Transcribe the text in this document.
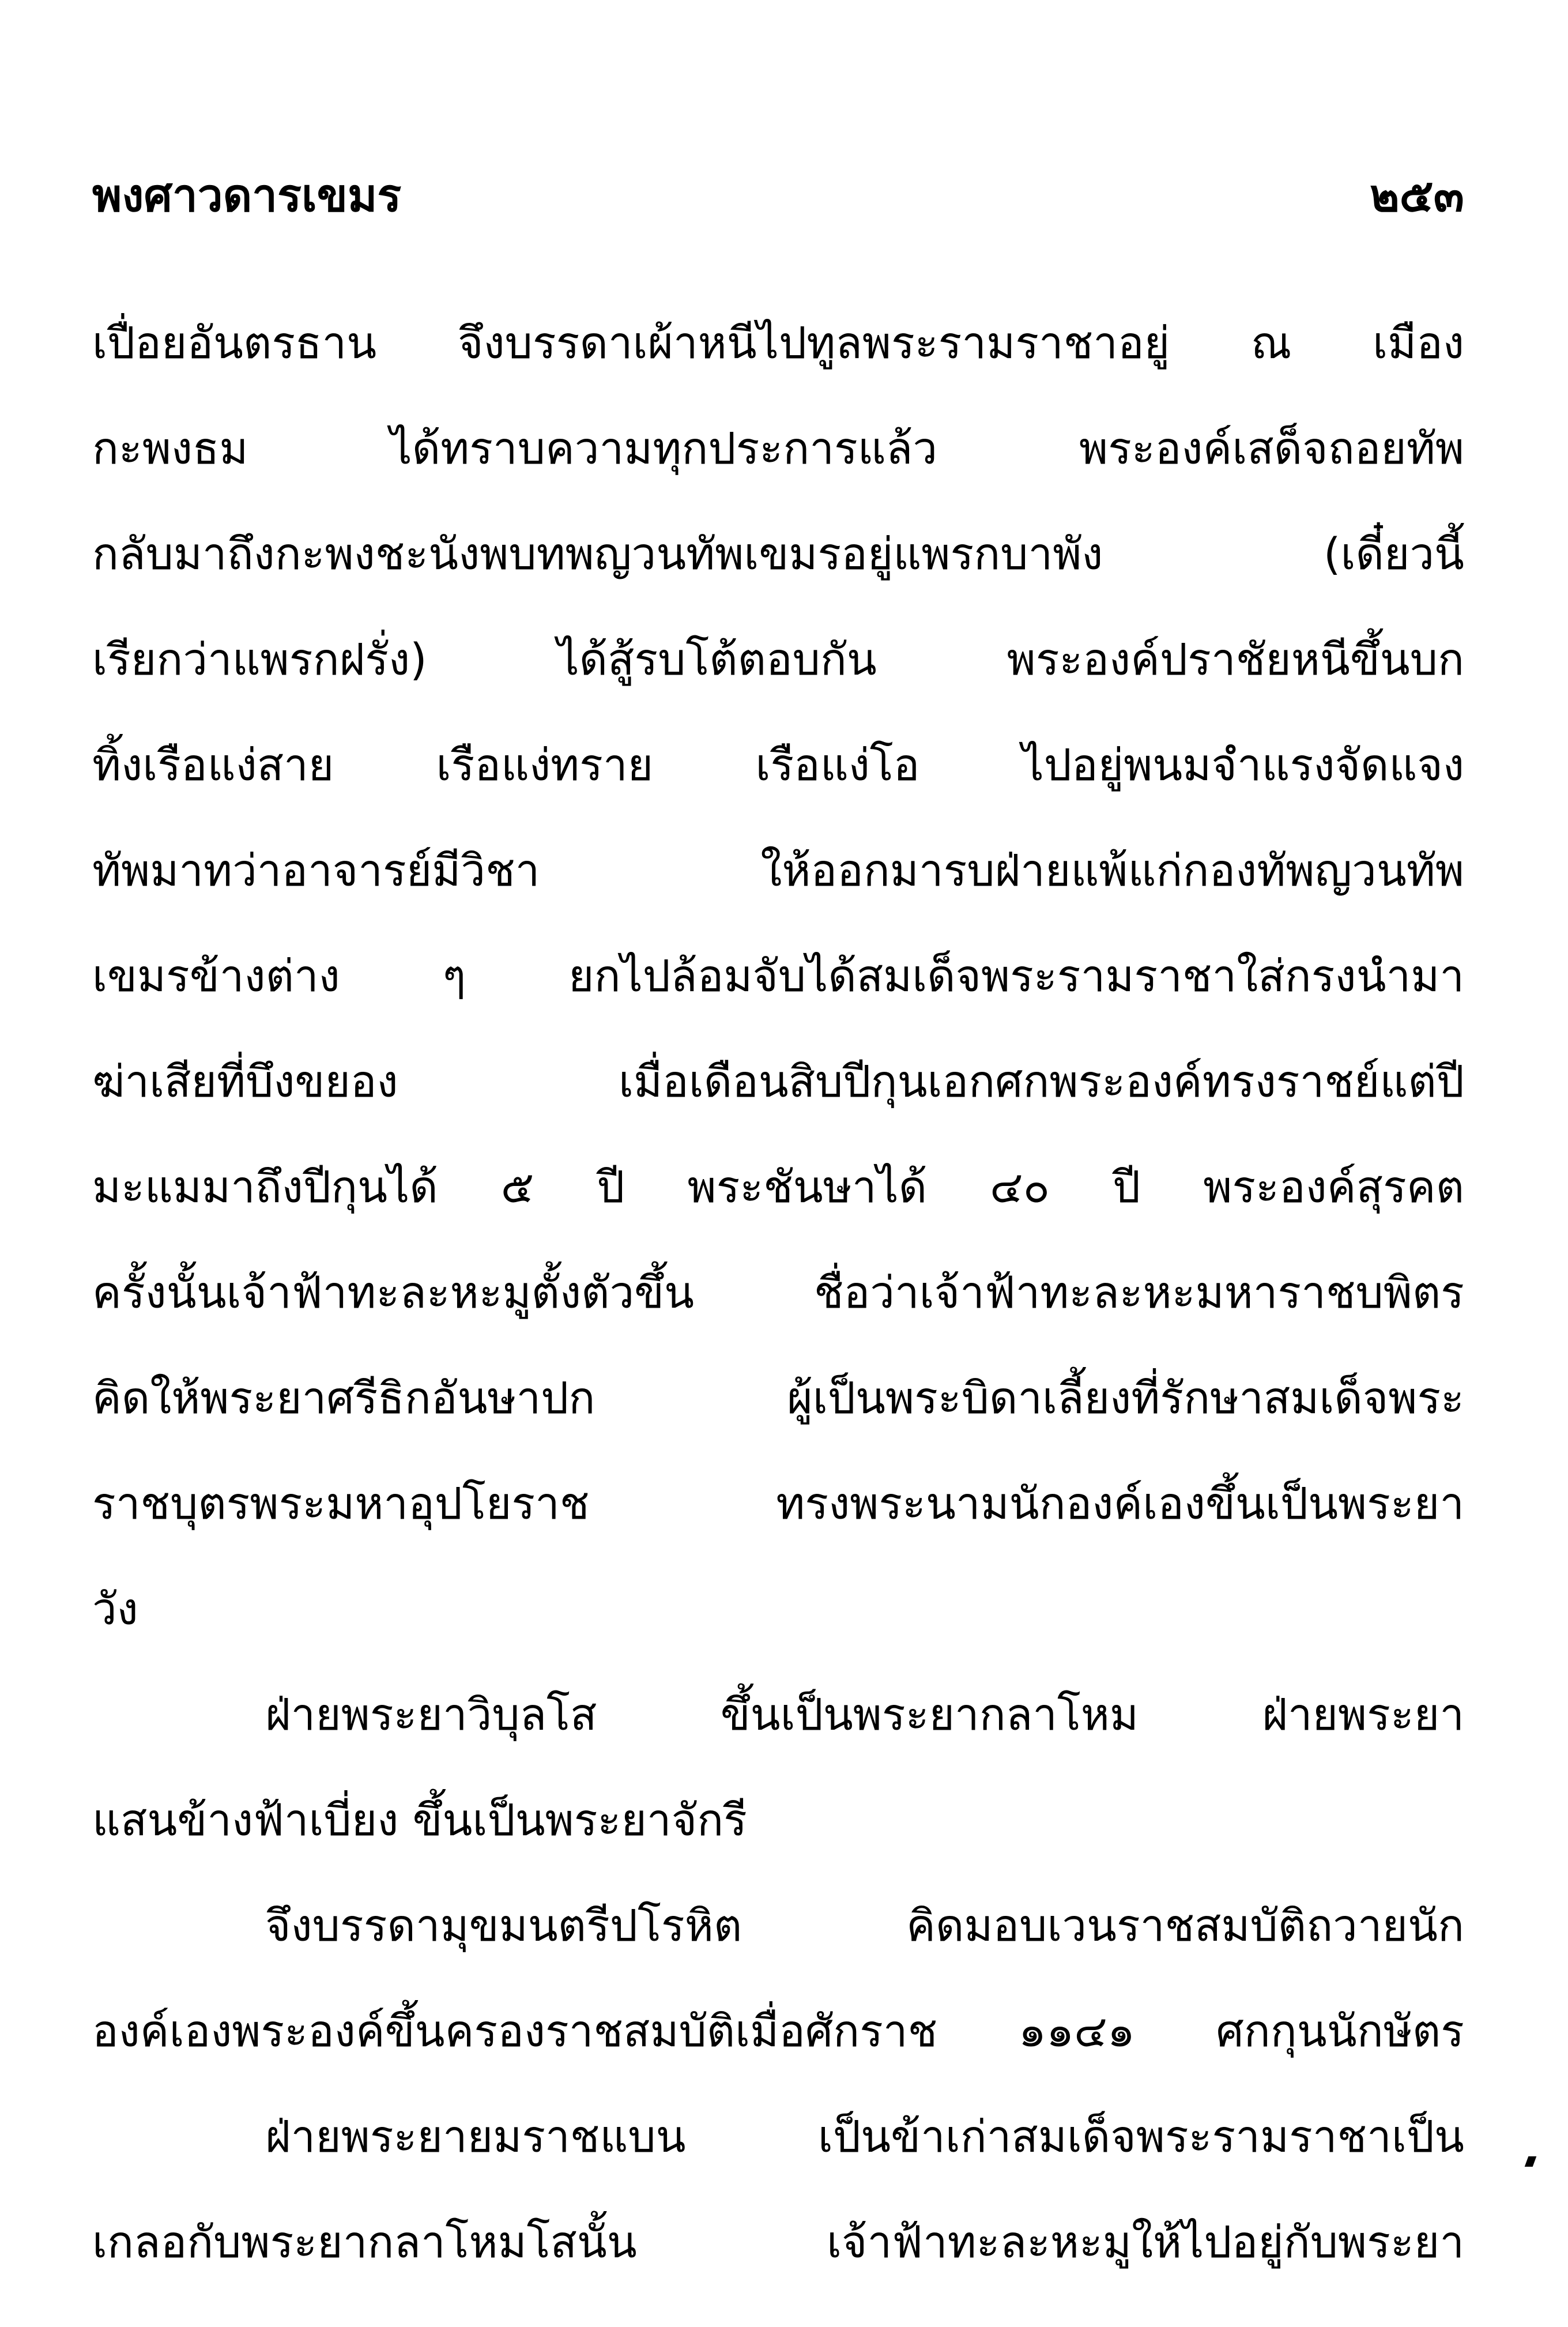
พงศาวดารเขมร	๒๕๓
เปื่อยอันตรธาน จึงบรรดาเผ้าหนีไปทูลพระรามราชาอยู่ ณ เมือง
กะพงธม ได้ทราบความทุกประการแล้ว พระองค์เสด็จถอยทัพ
กลับมาถึงกะพงชะนังพบทพญวนทัพเขมรอยู่แพรกบาพัง (เดี๋ยวนี้
เรียกว่าแพรกฝรั่ง) ได้สู้รบโต้ตอบกัน พระองค์ปราชัยหนีขึ้นบก
ทิ้งเรือแง่สาย เรือแง่ทราย เรือแง่โอ ไปอยู่พนมจำแรงจัดแจง
ทัพมาทว่าอาจารย์มีวิชา ให้ออกมารบฝ่ายแพ้แก่กองทัพญวนทัพ
เขมรข้างต่าง ๆ ยกไปล้อมจับได้สมเด็จพระรามราชาใส่กรงนำมา
ฆ่าเสียที่บึงขยอง เมื่อเดือนสิบปีกุนเอกศกพระองค์ทรงราชย์แต่ปี
มะแมมาถึงปีกุนได้ ๕ ปี พระชันษาได้ ๔๐ ปี พระองค์สุรคต
ครั้งนั้นเจ้าฟ้าทะละหะมูตั้งตัวขึ้น ชื่อว่าเจ้าฟ้าทะละหะมหาราชบพิตร
คิดให้พระยาศรีธิกอันษาปก ผู้เป็นพระบิดาเลี้ยงที่รักษาสมเด็จพระ
ราชบุตรพระมหาอุปโยราช ทรงพระนามนักองค์เองขึ้นเป็นพระยา
วัง
ฝ่ายพระยาวิบุลโส ขึ้นเป็นพระยากลาโหม ฝ่ายพระยา
แสนข้างฟ้าเบี่ยง ขึ้นเป็นพระยาจักรี
จึงบรรดามุขมนตรีปโรหิต คิดมอบเวนราชสมบัติถวายนัก
องค์เองพระองค์ขึ้นครองราชสมบัติเมื่อศักราช ๑๑๔๑ ศกกุนนักษัตร
ฝ่ายพระยายมราชแบน เป็นข้าเก่าสมเด็จพระรามราชาเป็น
เกลอกับพระยากลาโหมโสนั้น เจ้าฟ้าทะละหะมูให้ไปอยู่กับพระยา
